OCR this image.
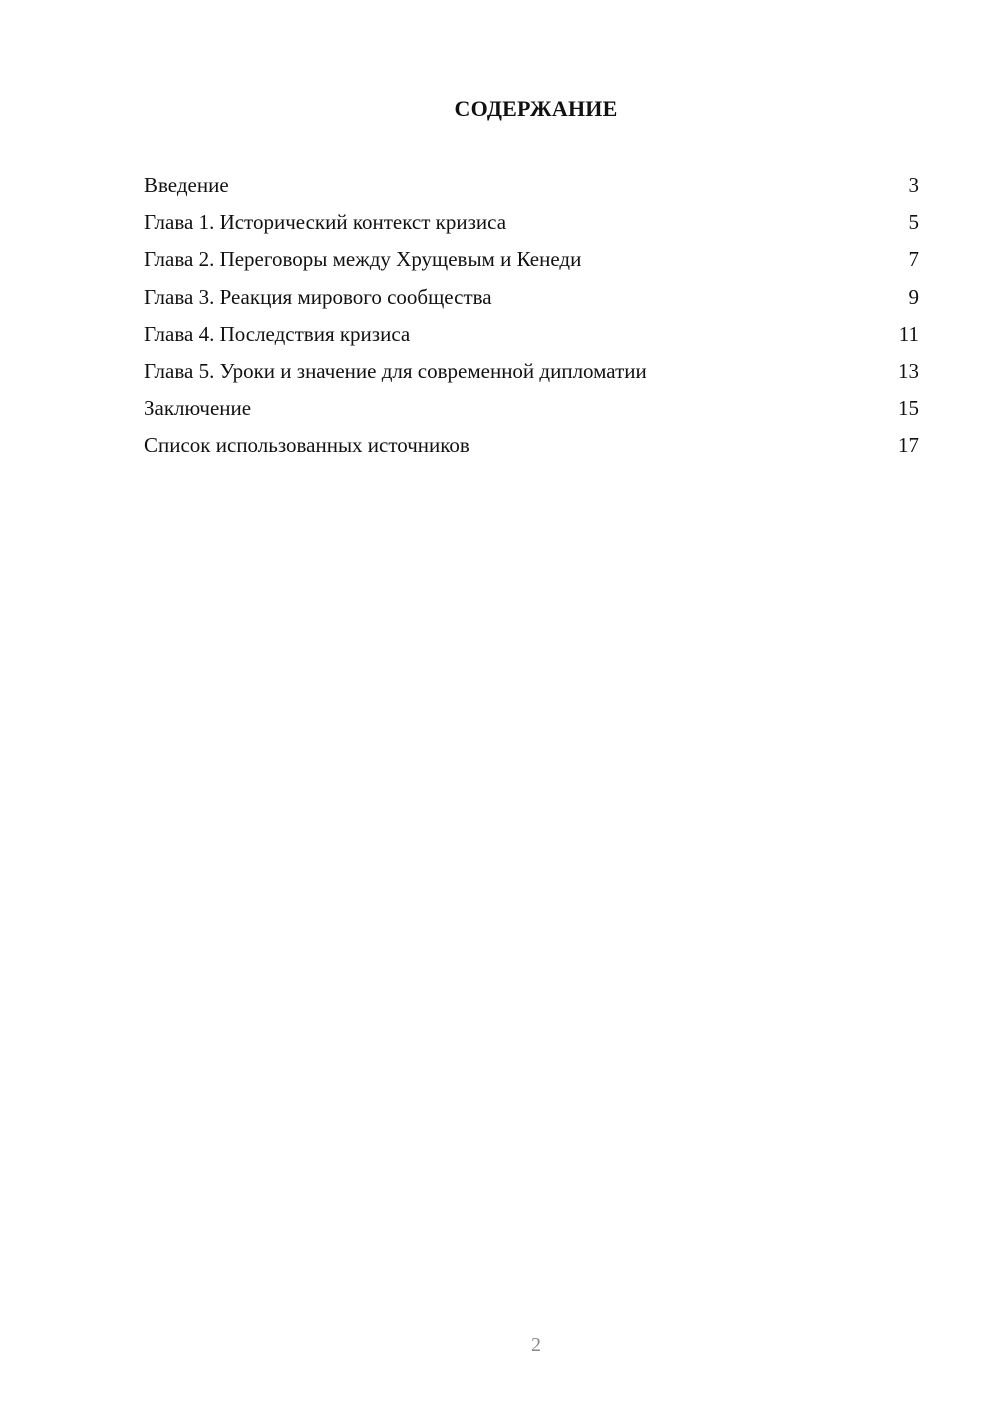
СОДЕРЖАНИЕ
Введение	3
Глава 1. Исторический контекст кризиса	5
Глава 2. Переговоры между Хрущевым и Кенеди	7
Глава 3. Реакция мирового сообщества	9
Глава 4. Последствия кризиса	11
Глава 5. Уроки и значение для современной дипломатии	13
Заключение	15
Список использованных источников	17
2
